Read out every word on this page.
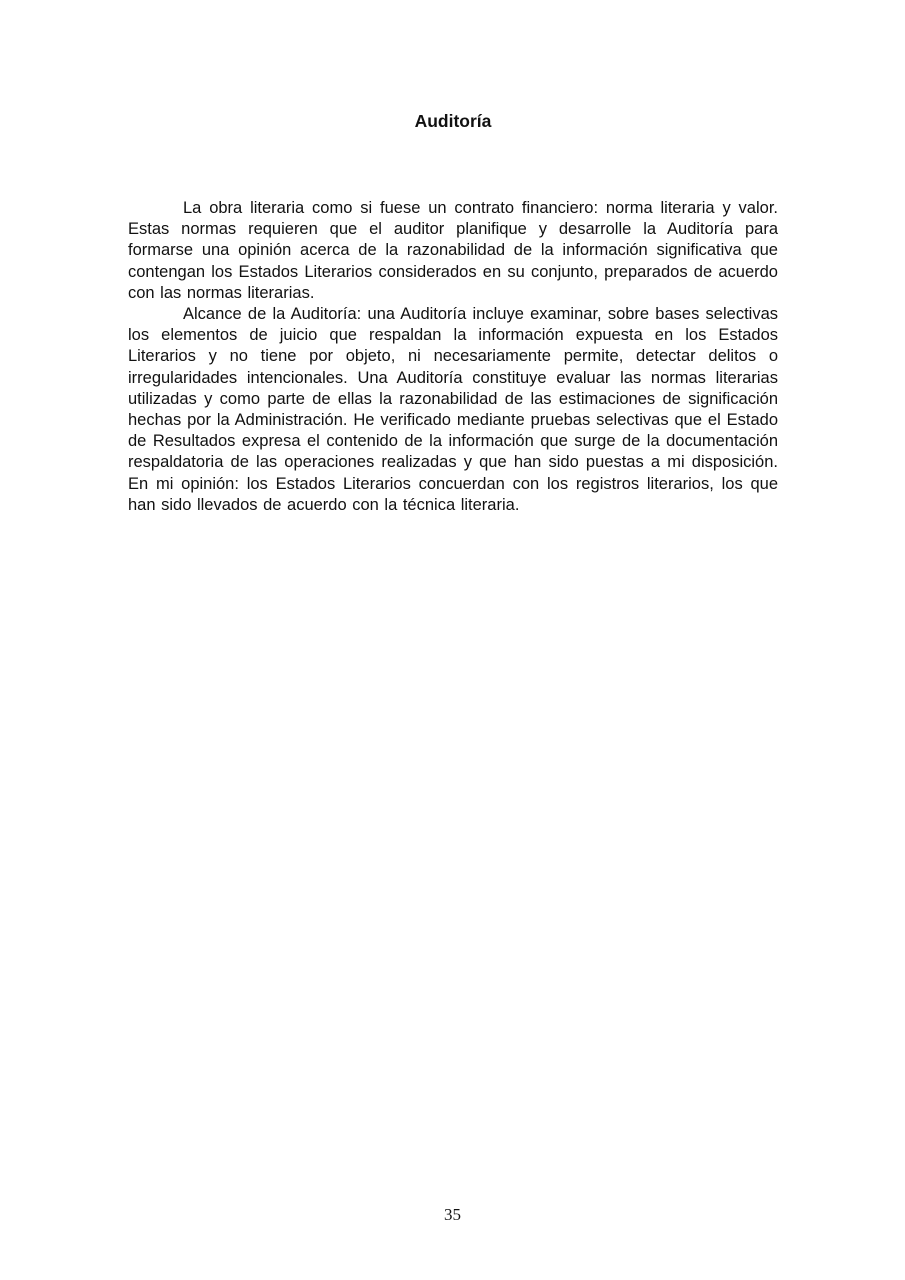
Auditoría

La obra literaria como si fuese un contrato financiero: norma literaria y valor. Estas normas requieren que el auditor planifique y desarrolle la Auditoría para formarse una opinión acerca de la razonabilidad de la información significativa que contengan los Estados Literarios considerados en su conjunto, preparados de acuerdo con las normas literarias.

Alcance de la Auditoría: una Auditoría incluye examinar, sobre bases selectivas los elementos de juicio que respaldan la información expuesta en los Estados Literarios y no tiene por objeto, ni necesariamente permite, detectar delitos o irregularidades intencionales. Una Auditoría constituye evaluar las normas literarias utilizadas y como parte de ellas la razonabilidad de las estimaciones de significación hechas por la Administración. He verificado mediante pruebas selectivas que el Estado de Resultados expresa el contenido de la información que surge de la documentación respaldatoria de las operaciones realizadas y que han sido puestas a mi disposición. En mi opinión: los Estados Literarios concuerdan con los registros literarios, los que han sido llevados de acuerdo con la técnica literaria.

35
